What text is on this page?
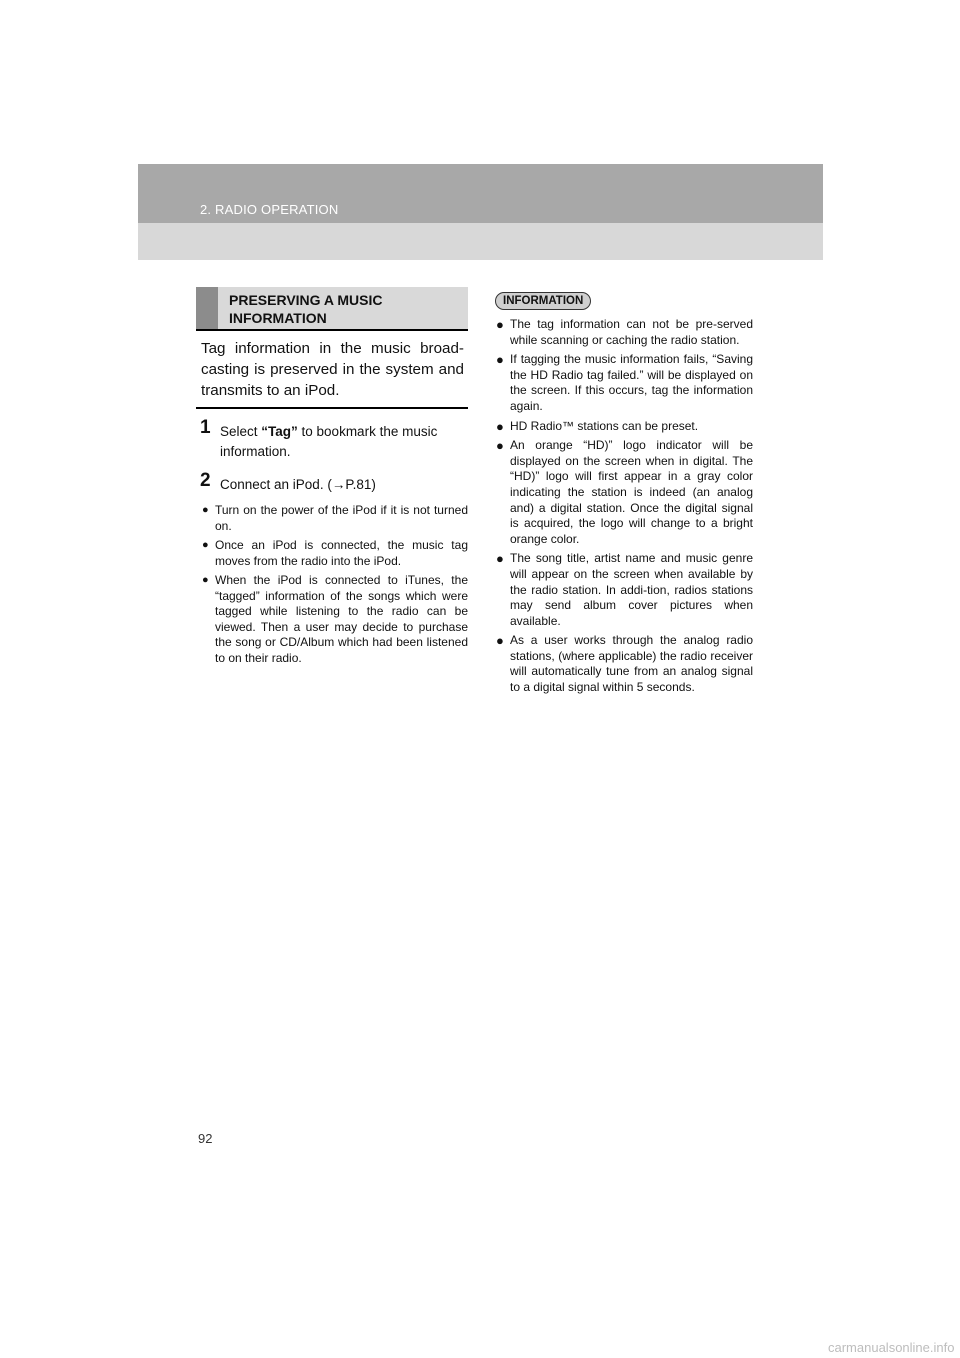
2. RADIO OPERATION
PRESERVING A MUSIC INFORMATION
Tag information in the music broad-casting is preserved in the system and transmits to an iPod.
1 Select “Tag” to bookmark the music information.
2 Connect an iPod. (→P.81)
● Turn on the power of the iPod if it is not turned on.
● Once an iPod is connected, the music tag moves from the radio into the iPod.
● When the iPod is connected to iTunes, the “tagged” information of the songs which were tagged while listening to the radio can be viewed. Then a user may decide to purchase the song or CD/Album which had been listened to on their radio.
INFORMATION
● The tag information can not be pre-served while scanning or caching the radio station.
● If tagging the music information fails, “Saving the HD Radio tag failed.” will be displayed on the screen. If this occurs, tag the information again.
● HD Radio™ stations can be preset.
● An orange “HD)” logo indicator will be displayed on the screen when in digital. The “HD)” logo will first appear in a gray color indicating the station is indeed (an analog and) a digital station. Once the digital signal is acquired, the logo will change to a bright orange color.
● The song title, artist name and music genre will appear on the screen when available by the radio station. In addi-tion, radios stations may send album cover pictures when available.
● As a user works through the analog radio stations, (where applicable) the radio receiver will automatically tune from an analog signal to a digital signal within 5 seconds.
92
carmanualsonline.info
